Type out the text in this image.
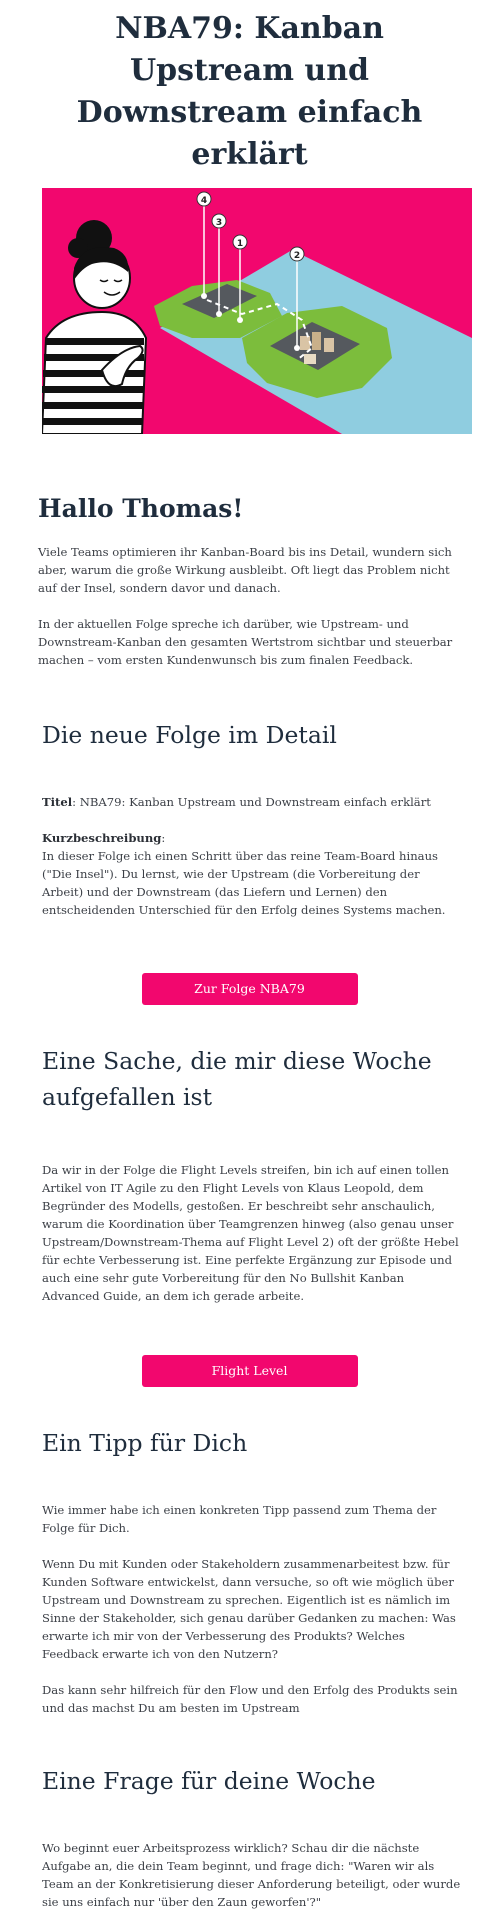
NBA79: Kanban Upstream und Downstream einfach erklärt
4
3
1
2
Hallo Thomas!
Viele Teams optimieren ihr Kanban-Board bis ins Detail, wundern sich aber, warum die große Wirkung ausbleibt. Oft liegt das Problem nicht auf der Insel, sondern davor und danach.
In der aktuellen Folge spreche ich darüber, wie Upstream- und Downstream-Kanban den gesamten Wertstrom sichtbar und steuerbar machen – vom ersten Kundenwunsch bis zum finalen Feedback.
Die neue Folge im Detail
Titel: NBA79: Kanban Upstream und Downstream einfach erklärt
Kurzbeschreibung:
In dieser Folge ich einen Schritt über das reine Team-Board hinaus ("Die Insel"). Du lernst, wie der Upstream (die Vorbereitung der Arbeit) und der Downstream (das Liefern und Lernen) den entscheidenden Unterschied für den Erfolg deines Systems machen.
Zur Folge NBA79
Eine Sache, die mir diese Woche aufgefallen ist
Da wir in der Folge die Flight Levels streifen, bin ich auf einen tollen Artikel von IT Agile zu den Flight Levels von Klaus Leopold, dem Begründer des Modells, gestoßen. Er beschreibt sehr anschaulich, warum die Koordination über Teamgrenzen hinweg (also genau unser Upstream/Downstream-Thema auf Flight Level 2) oft der größte Hebel für echte Verbesserung ist. Eine perfekte Ergänzung zur Episode und auch eine sehr gute Vorbereitung für den No Bullshit Kanban Advanced Guide, an dem ich gerade arbeite.
Flight Level
Ein Tipp für Dich
Wie immer habe ich einen konkreten Tipp passend zum Thema der Folge für Dich.
Wenn Du mit Kunden oder Stakeholdern zusammenarbeitest bzw. für Kunden Software entwickelst, dann versuche, so oft wie möglich über Upstream und Downstream zu sprechen. Eigentlich ist es nämlich im Sinne der Stakeholder, sich genau darüber Gedanken zu machen: Was erwarte ich mir von der Verbesserung des Produkts? Welches Feedback erwarte ich von den Nutzern?
Das kann sehr hilfreich für den Flow und den Erfolg des Produkts sein und das machst Du am besten im Upstream
Eine Frage für deine Woche
Wo beginnt euer Arbeitsprozess wirklich? Schau dir die nächste Aufgabe an, die dein Team beginnt, und frage dich: "Waren wir als Team an der Konkretisierung dieser Anforderung beteiligt, oder wurde sie uns einfach nur 'über den Zaun geworfen'?"
